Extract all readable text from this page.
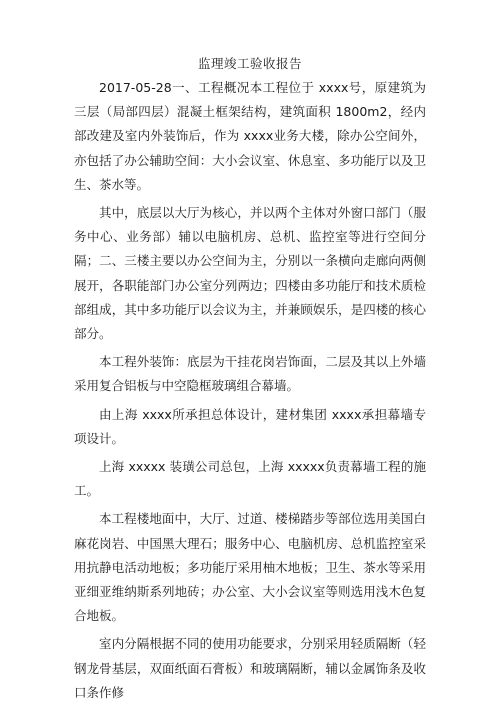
监理竣工验收报告

2017-05-28一、工程概况本工程位于 xxxx号，原建筑为三层（局部四层）混凝土框架结构，建筑面积 1800m2，经内部改建及室内外装饰后，作为 xxxx业务大楼，除办公空间外，亦包括了办公辅助空间：大小会议室、休息室、多功能厅以及卫生、茶水等。

其中，底层以大厅为核心，并以两个主体对外窗口部门（服务中心、业务部）辅以电脑机房、总机、监控室等进行空间分隔；二、三楼主要以办公空间为主，分别以一条横向走廊向两侧展开，各职能部门办公室分列两边；四楼由多功能厅和技术质检部组成，其中多功能厅以会议为主，并兼顾娱乐，是四楼的核心部分。

本工程外装饰：底层为干挂花岗岩饰面，二层及其以上外墙采用复合铝板与中空隐框玻璃组合幕墙。

由上海 xxxx所承担总体设计，建材集团 xxxx承担幕墙专项设计。

上海 xxxxx 装璜公司总包，上海 xxxxx负责幕墙工程的施工。

本工程楼地面中，大厅、过道、楼梯踏步等部位选用美国白麻花岗岩、中国黑大理石；服务中心、电脑机房、总机监控室采用抗静电活动地板；多功能厅采用柚木地板；卫生、茶水等采用亚细亚维纳斯系列地砖；办公室、大小会议室等则选用浅木色复合地板。

室内分隔根据不同的使用功能要求，分别采用轻质隔断（轻钢龙骨基层，双面纸面石膏板）和玻璃隔断，辅以金属饰条及收口条作修
